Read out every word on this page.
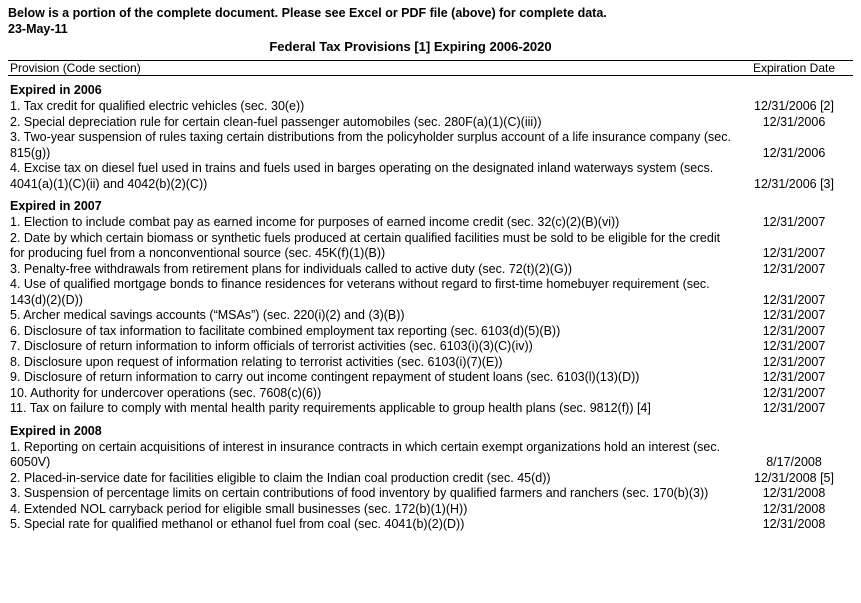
Below is a portion of the complete document. Please see Excel or PDF file (above) for complete data.
23-May-11
Federal Tax Provisions [1] Expiring 2006-2020
Provision (Code section)	Expiration Date
Expired in 2006	
1. Tax credit for qualified electric vehicles (sec. 30(e))	12/31/2006 [2]
2. Special depreciation rule for certain clean-fuel passenger automobiles (sec. 280F(a)(1)(C)(iii))	12/31/2006
3. Two-year suspension of rules taxing certain distributions from the policyholder surplus account of a life insurance company (sec. 815(g))	12/31/2006
4. Excise tax on diesel fuel used in trains and fuels used in barges operating on the designated inland waterways system (secs. 4041(a)(1)(C)(ii) and 4042(b)(2)(C))	12/31/2006 [3]
Expired in 2007	
1. Election to include combat pay as earned income for purposes of earned income credit (sec. 32(c)(2)(B)(vi))	12/31/2007
2. Date by which certain biomass or synthetic fuels produced at certain qualified facilities must be sold to be eligible for the credit for producing fuel from a nonconventional source (sec. 45K(f)(1)(B))	12/31/2007
3. Penalty-free withdrawals from retirement plans for individuals called to active duty (sec. 72(t)(2)(G))	12/31/2007
4. Use of qualified mortgage bonds to finance residences for veterans without regard to first-time homebuyer requirement (sec. 143(d)(2)(D))	12/31/2007
5. Archer medical savings accounts (“MSAs”) (sec. 220(i)(2) and (3)(B))	12/31/2007
6. Disclosure of tax information to facilitate combined employment tax reporting (sec. 6103(d)(5)(B))	12/31/2007
7. Disclosure of return information to inform officials of terrorist activities (sec. 6103(i)(3)(C)(iv))	12/31/2007
8. Disclosure upon request of information relating to terrorist activities (sec. 6103(i)(7)(E))	12/31/2007
9. Disclosure of return information to carry out income contingent repayment of student loans (sec. 6103(l)(13)(D))	12/31/2007
10. Authority for undercover operations (sec. 7608(c)(6))	12/31/2007
11. Tax on failure to comply with mental health parity requirements applicable to group health plans (sec. 9812(f)) [4]	12/31/2007
Expired in 2008	
1. Reporting on certain acquisitions of interest in insurance contracts in which certain exempt organizations hold an interest (sec. 6050V)	8/17/2008
2. Placed-in-service date for facilities eligible to claim the Indian coal production credit (sec. 45(d))	12/31/2008 [5]
3. Suspension of percentage limits on certain contributions of food inventory by qualified farmers and ranchers (sec. 170(b)(3))	12/31/2008
4. Extended NOL carryback period for eligible small businesses (sec. 172(b)(1)(H))	12/31/2008
5. Special rate for qualified methanol or ethanol fuel from coal (sec. 4041(b)(2)(D))	12/31/2008
